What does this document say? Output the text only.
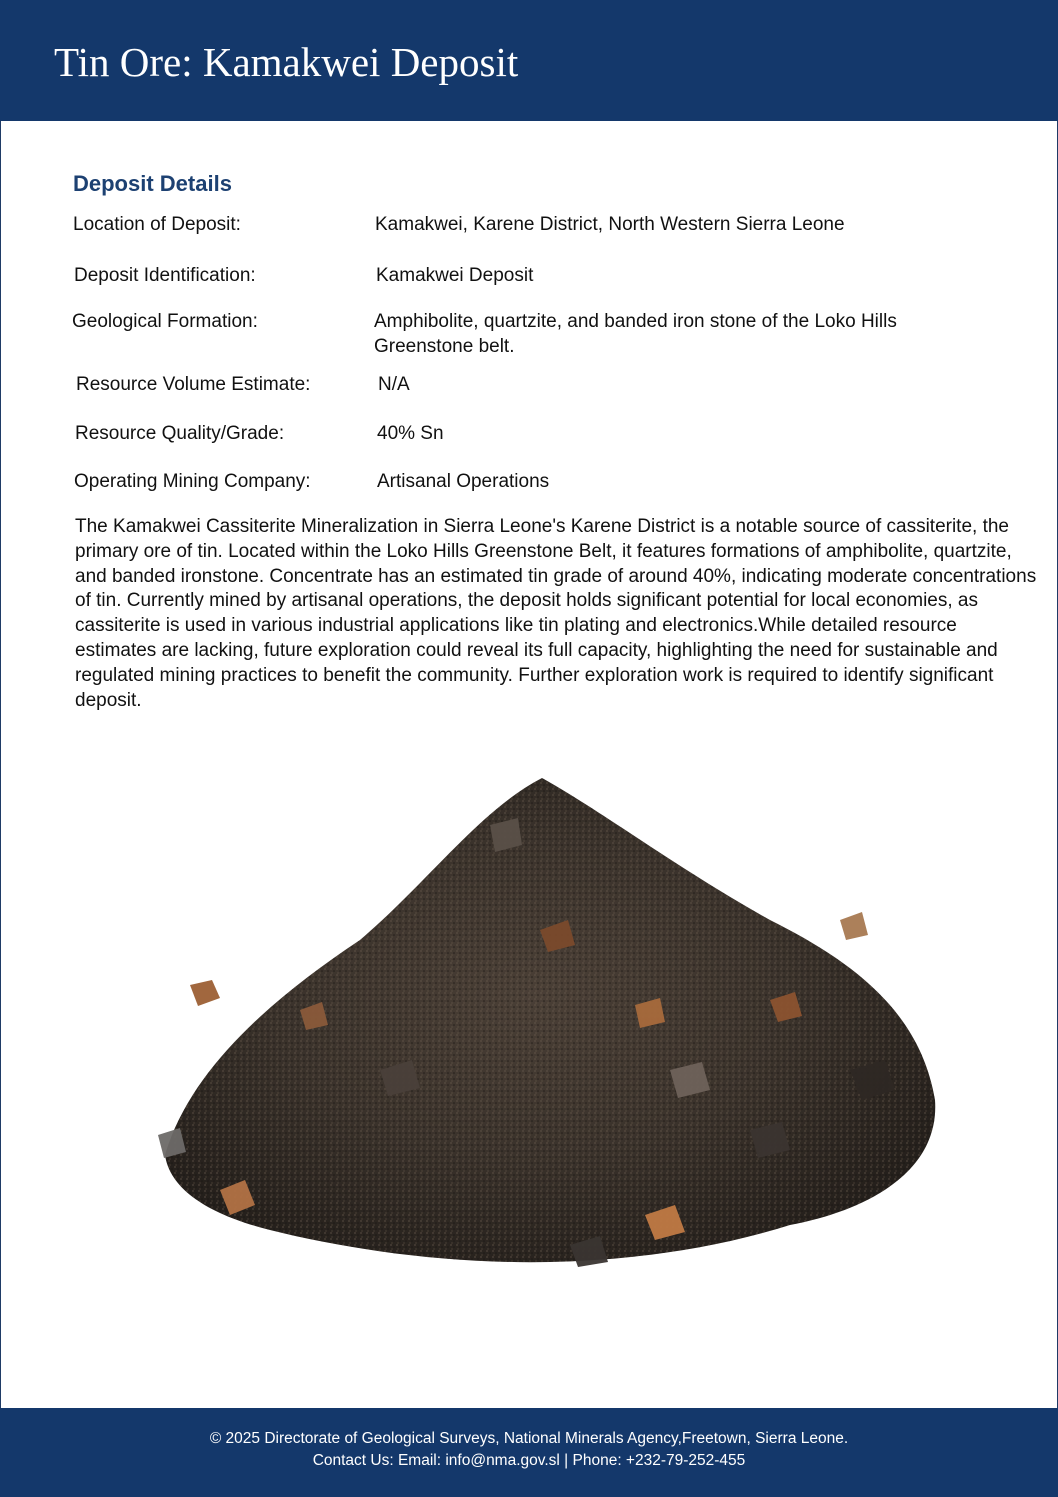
Tin Ore: Kamakwei Deposit
Deposit Details
Location of Deposit:	Kamakwei, Karene District, North Western Sierra Leone
Deposit Identification:	Kamakwei Deposit
Geological Formation:	Amphibolite, quartzite, and banded iron stone of the Loko Hills Greenstone belt.
Resource Volume Estimate:	N/A
Resource Quality/Grade:	40% Sn
Operating Mining Company:	Artisanal Operations

The Kamakwei Cassiterite Mineralization in Sierra Leone's Karene District is a notable source of cassiterite, the primary ore of tin. Located within the Loko Hills Greenstone Belt, it features formations of amphibolite, quartzite, and banded ironstone. Concentrate has an estimated tin grade of around 40%, indicating moderate concentrations of tin. Currently mined by artisanal operations, the deposit holds significant potential for local economies, as cassiterite is used in various industrial applications like tin plating and electronics.While detailed resource estimates are lacking, future exploration could reveal its full capacity, highlighting the need for sustainable and regulated mining practices to benefit the community. Further exploration work is required to identify significant deposit.

© 2025 Directorate of Geological Surveys, National Minerals Agency,Freetown, Sierra Leone.
Contact Us: Email: info@nma.gov.sl | Phone: +232-79-252-455
